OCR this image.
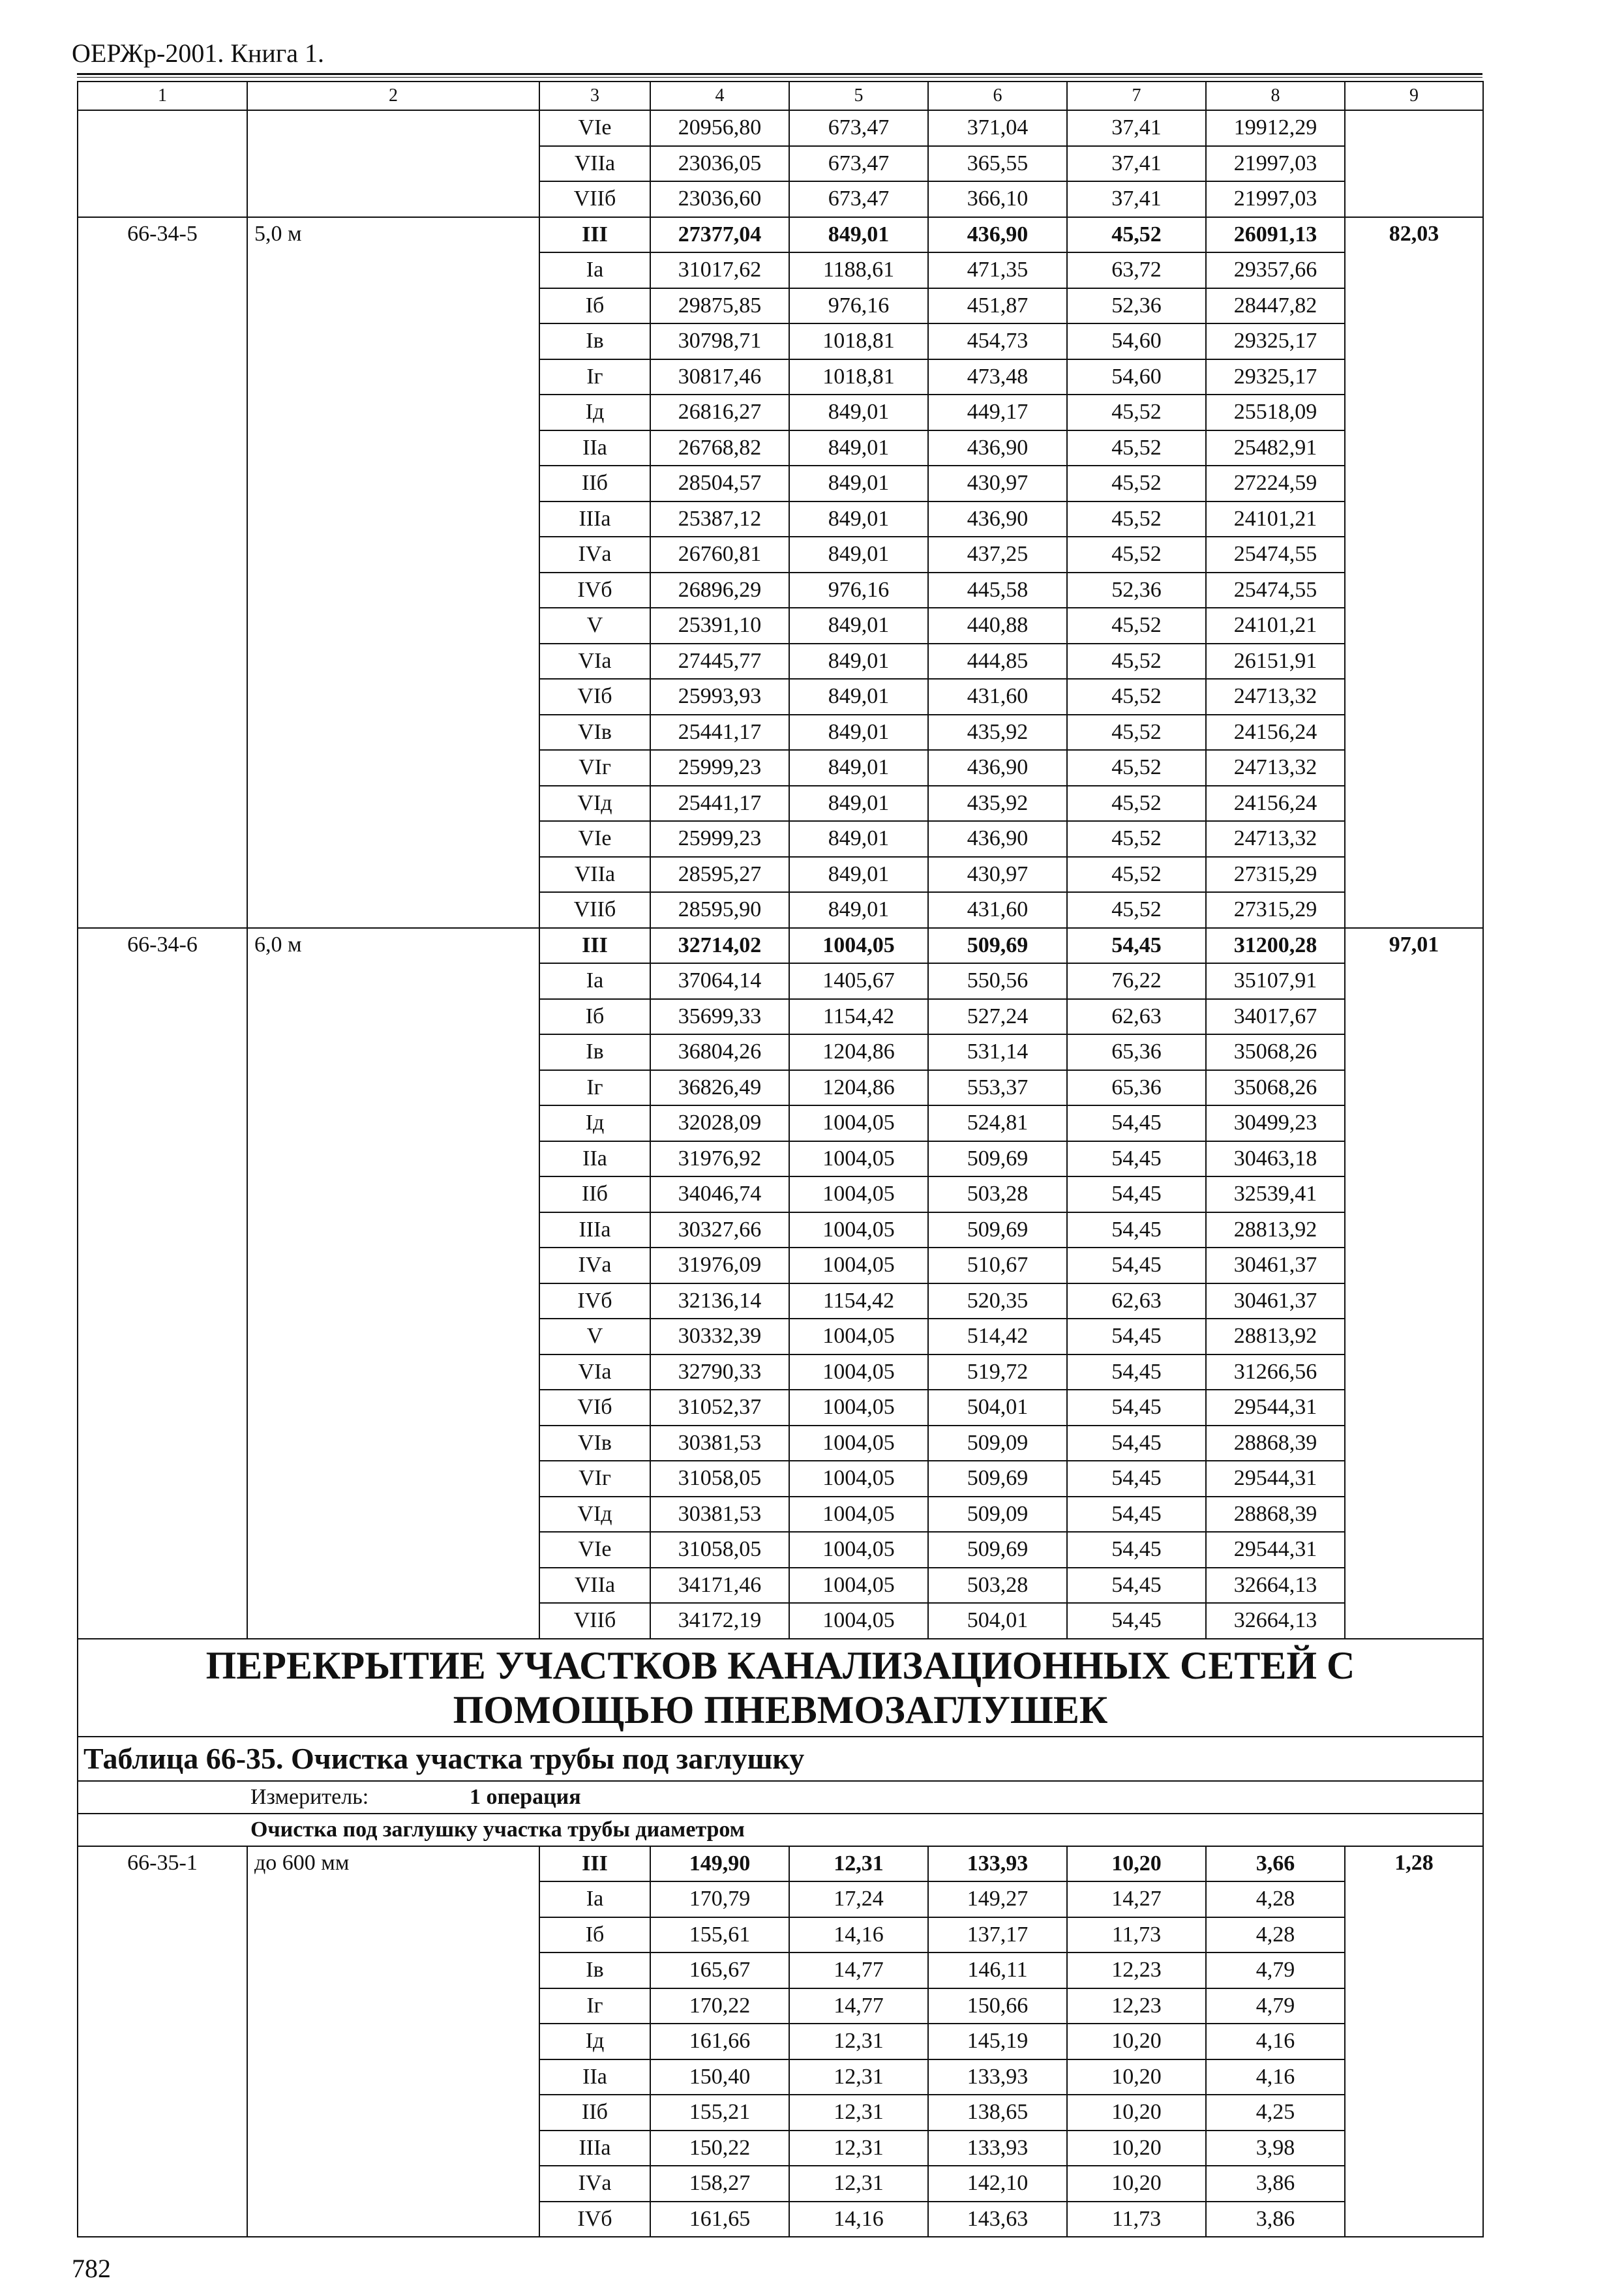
ОЕРЖр-2001. Книга 1.
1	2	3	4	5	6	7	8	9
		VIе	20956,80	673,47	371,04	37,41	19912,29	
		VIIа	23036,05	673,47	365,55	37,41	21997,03	
		VIIб	23036,60	673,47	366,10	37,41	21997,03	
66-34-5	5,0 м	III	27377,04	849,01	436,90	45,52	26091,13	82,03
		Iа	31017,62	1188,61	471,35	63,72	29357,66	
		Iб	29875,85	976,16	451,87	52,36	28447,82	
		Iв	30798,71	1018,81	454,73	54,60	29325,17	
		Iг	30817,46	1018,81	473,48	54,60	29325,17	
		Iд	26816,27	849,01	449,17	45,52	25518,09	
		IIа	26768,82	849,01	436,90	45,52	25482,91	
		IIб	28504,57	849,01	430,97	45,52	27224,59	
		IIIа	25387,12	849,01	436,90	45,52	24101,21	
		IVа	26760,81	849,01	437,25	45,52	25474,55	
		IVб	26896,29	976,16	445,58	52,36	25474,55	
		V	25391,10	849,01	440,88	45,52	24101,21	
		VIа	27445,77	849,01	444,85	45,52	26151,91	
		VIб	25993,93	849,01	431,60	45,52	24713,32	
		VIв	25441,17	849,01	435,92	45,52	24156,24	
		VIг	25999,23	849,01	436,90	45,52	24713,32	
		VIд	25441,17	849,01	435,92	45,52	24156,24	
		VIе	25999,23	849,01	436,90	45,52	24713,32	
		VIIа	28595,27	849,01	430,97	45,52	27315,29	
		VIIб	28595,90	849,01	431,60	45,52	27315,29	
66-34-6	6,0 м	III	32714,02	1004,05	509,69	54,45	31200,28	97,01
		Iа	37064,14	1405,67	550,56	76,22	35107,91	
		Iб	35699,33	1154,42	527,24	62,63	34017,67	
		Iв	36804,26	1204,86	531,14	65,36	35068,26	
		Iг	36826,49	1204,86	553,37	65,36	35068,26	
		Iд	32028,09	1004,05	524,81	54,45	30499,23	
		IIа	31976,92	1004,05	509,69	54,45	30463,18	
		IIб	34046,74	1004,05	503,28	54,45	32539,41	
		IIIа	30327,66	1004,05	509,69	54,45	28813,92	
		IVа	31976,09	1004,05	510,67	54,45	30461,37	
		IVб	32136,14	1154,42	520,35	62,63	30461,37	
		V	30332,39	1004,05	514,42	54,45	28813,92	
		VIа	32790,33	1004,05	519,72	54,45	31266,56	
		VIб	31052,37	1004,05	504,01	54,45	29544,31	
		VIв	30381,53	1004,05	509,09	54,45	28868,39	
		VIг	31058,05	1004,05	509,69	54,45	29544,31	
		VIд	30381,53	1004,05	509,09	54,45	28868,39	
		VIе	31058,05	1004,05	509,69	54,45	29544,31	
		VIIа	34171,46	1004,05	503,28	54,45	32664,13	
		VIIб	34172,19	1004,05	504,01	54,45	32664,13	
ПЕРЕКРЫТИЕ УЧАСТКОВ КАНАЛИЗАЦИОННЫХ СЕТЕЙ С ПОМОЩЬЮ ПНЕВМОЗАГЛУШЕК								
Таблица 66-35. Очистка участка трубы под заглушку								
Измеритель: 1 операция								
Очистка под заглушку участка трубы диаметром								
66-35-1	до 600 мм	III	149,90	12,31	133,93	10,20	3,66	1,28
		Iа	170,79	17,24	149,27	14,27	4,28	
		Iб	155,61	14,16	137,17	11,73	4,28	
		Iв	165,67	14,77	146,11	12,23	4,79	
		Iг	170,22	14,77	150,66	12,23	4,79	
		Iд	161,66	12,31	145,19	10,20	4,16	
		IIа	150,40	12,31	133,93	10,20	4,16	
		IIб	155,21	12,31	138,65	10,20	4,25	
		IIIа	150,22	12,31	133,93	10,20	3,98	
		IVа	158,27	12,31	142,10	10,20	3,86	
		IVб	161,65	14,16	143,63	11,73	3,86	
782
